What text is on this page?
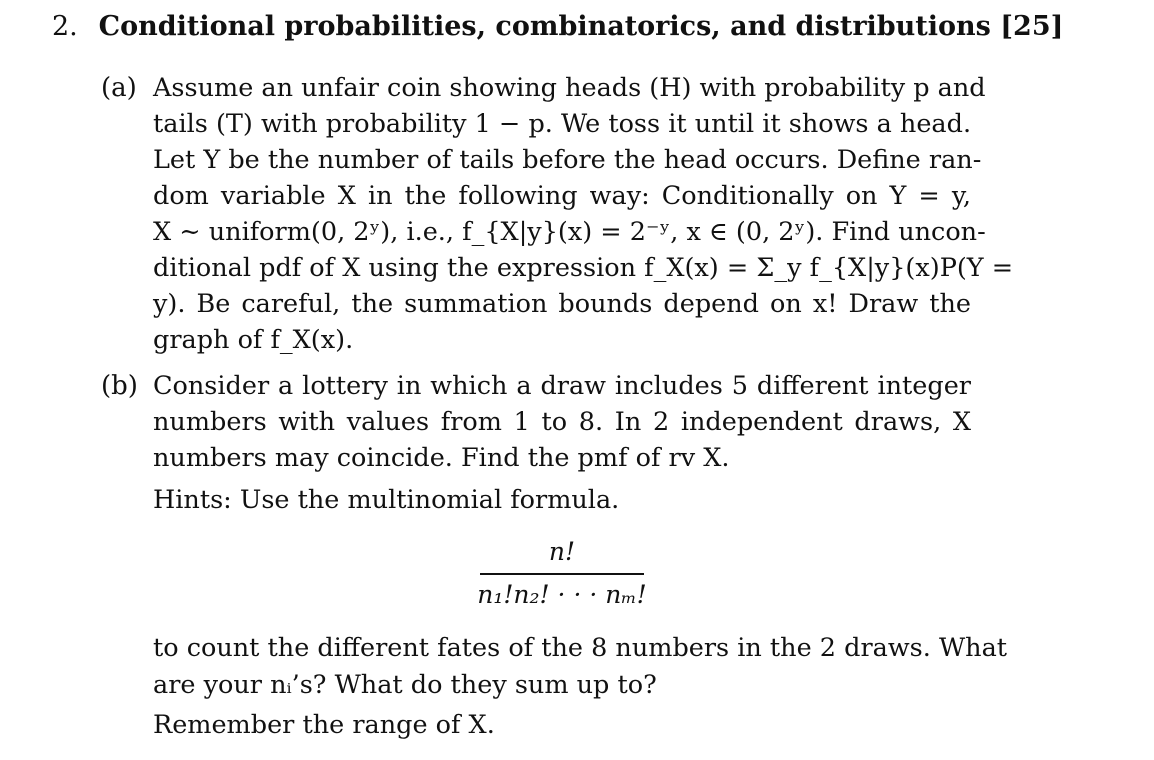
2. Conditional probabilities, combinatorics, and distributions [25]
(a) Assume an unfair coin showing heads (H) with probability p and
tails (T) with probability 1 − p. We toss it until it shows a head.
Let Y be the number of tails before the head occurs. Define ran-
dom variable X in the following way: Conditionally on Y = y,
X ∼ uniform(0, 2ʸ), i.e., f_{X|y}(x) = 2⁻ʸ, x ∈ (0, 2ʸ). Find uncon-
ditional pdf of X using the expression f_X(x) = Σ_y f_{X|y}(x)P(Y =
y). Be careful, the summation bounds depend on x! Draw the
graph of f_X(x).
(b) Consider a lottery in which a draw includes 5 different integer
numbers with values from 1 to 8. In 2 independent draws, X
numbers may coincide. Find the pmf of rv X.
Hints: Use the multinomial formula.
n!
n₁!n₂! · · · nₘ!
to count the different fates of the 8 numbers in the 2 draws. What
are your nᵢ’s? What do they sum up to?
Remember the range of X.
